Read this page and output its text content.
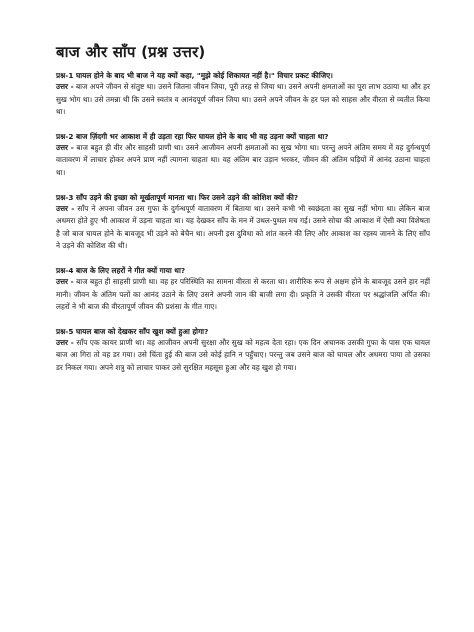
बाज और साँप (प्रश्न उत्तर)

प्रश्न-1 घायल होने के बाद भी बाज ने यह क्यों कहा, "मुझे कोई शिकायत नहीं है।" विचार प्रकट कीजिए।

उत्तर - बाज अपने जीवन से संतुष्ट था। उसने जितना जीवन जिया, पूरी तरह से जिया था। उसने अपनी क्षमताओं का पूरा लाभ उठाया था और हर सुख भोग था। उसे तमन्ना थी कि उसने स्वतंत्र व आनंदपूर्ण जीवन जिया था। उसने अपने जीवन के हर पल को साहस और वीरता से व्यतीत किया था।

प्रश्न-2 बाज ज़िंदगी भर आकाश में ही उड़ता रहा फिर घायल होने के बाद भी वह उड़ना क्यों चाहता था?

उत्तर - बाज बहुत ही वीर और साहसी प्राणी था। उसने आजीवन अपनी क्षमताओं का सुख भोगा था। परन्तु अपने अंतिम समय में वह दुर्गन्धपूर्ण वातावरण में लाचार होकर अपने प्राण नहीं त्यागना चाहता था। वह अंतिम बार उड़ान भरकर, जीवन की अंतिम घड़ियों में आनंद उठाना चाहता था।

प्रश्न-3 साँप उड़ने की इच्छा को मूर्खतापूर्ण मानता था। फिर उसने उड़ने की कोशिश क्यों की?

उत्तर - साँप ने अपना जीवन उस गुफा के दुर्गन्धपूर्ण वातावरण में बिताया था। उसने कभी भी स्वछंदता का सुख नहीं भोगा था। लेकिन बाज अधमरा होते हुए भी आकाश में उड़ना चाहता था। यह देखकर साँप के मन में उथल-पुथल मच गई। उसने सोचा की आकाश में ऐसी क्या विशेषता है जो बाज घायल होने के बावजूद भी उड़ने को बेचैन था। अपनी इस दुविधा को शांत करने की लिए और आकाश का रहस्य जानने के लिए साँप ने उड़ने की कोशिश की थी।

प्रश्न-4 बाज के लिए लहरों ने गीत क्यों गाया था?

उत्तर - बाज बहुत ही साहसी प्राणी था। वह हर परिस्थिति का सामना वीरता से करता था। शारीरिक रूप से अक्षम होने के बावजूद उसने हार नहीं मानी। जीवन के अंतिम पलों का आनंद उठाने के लिए उसने अपनी जान की बाजी लगा दी। प्रकृति ने उसकी वीरता पर श्रद्धांजलि अर्पित की। लहरों ने भी बाज की वीरतापूर्ण जीवन की प्रशंसा के गीत गाए।

प्रश्न-5 घायल बाज को देखकर साँप खुश क्यों हुआ होगा?

उत्तर - साँप एक कायर प्राणी था। वह आजीवन अपनी सुरक्षा और सुख को महत्व देता रहा। एक दिन अचानक उसकी गुफा के पास एक घायल बाज आ गिरा तो वह डर गया। उसे चिंता हुई की बाज उसे कोई हानि न पहुँचाए। परन्तु जब उसने बाज को घायल और अधमरा पाया तो उसका डर निकल गया। अपने शत्रु को लाचार पाकर उसे सुरक्षित महसूस हुआ और वह खुश हो गया।
